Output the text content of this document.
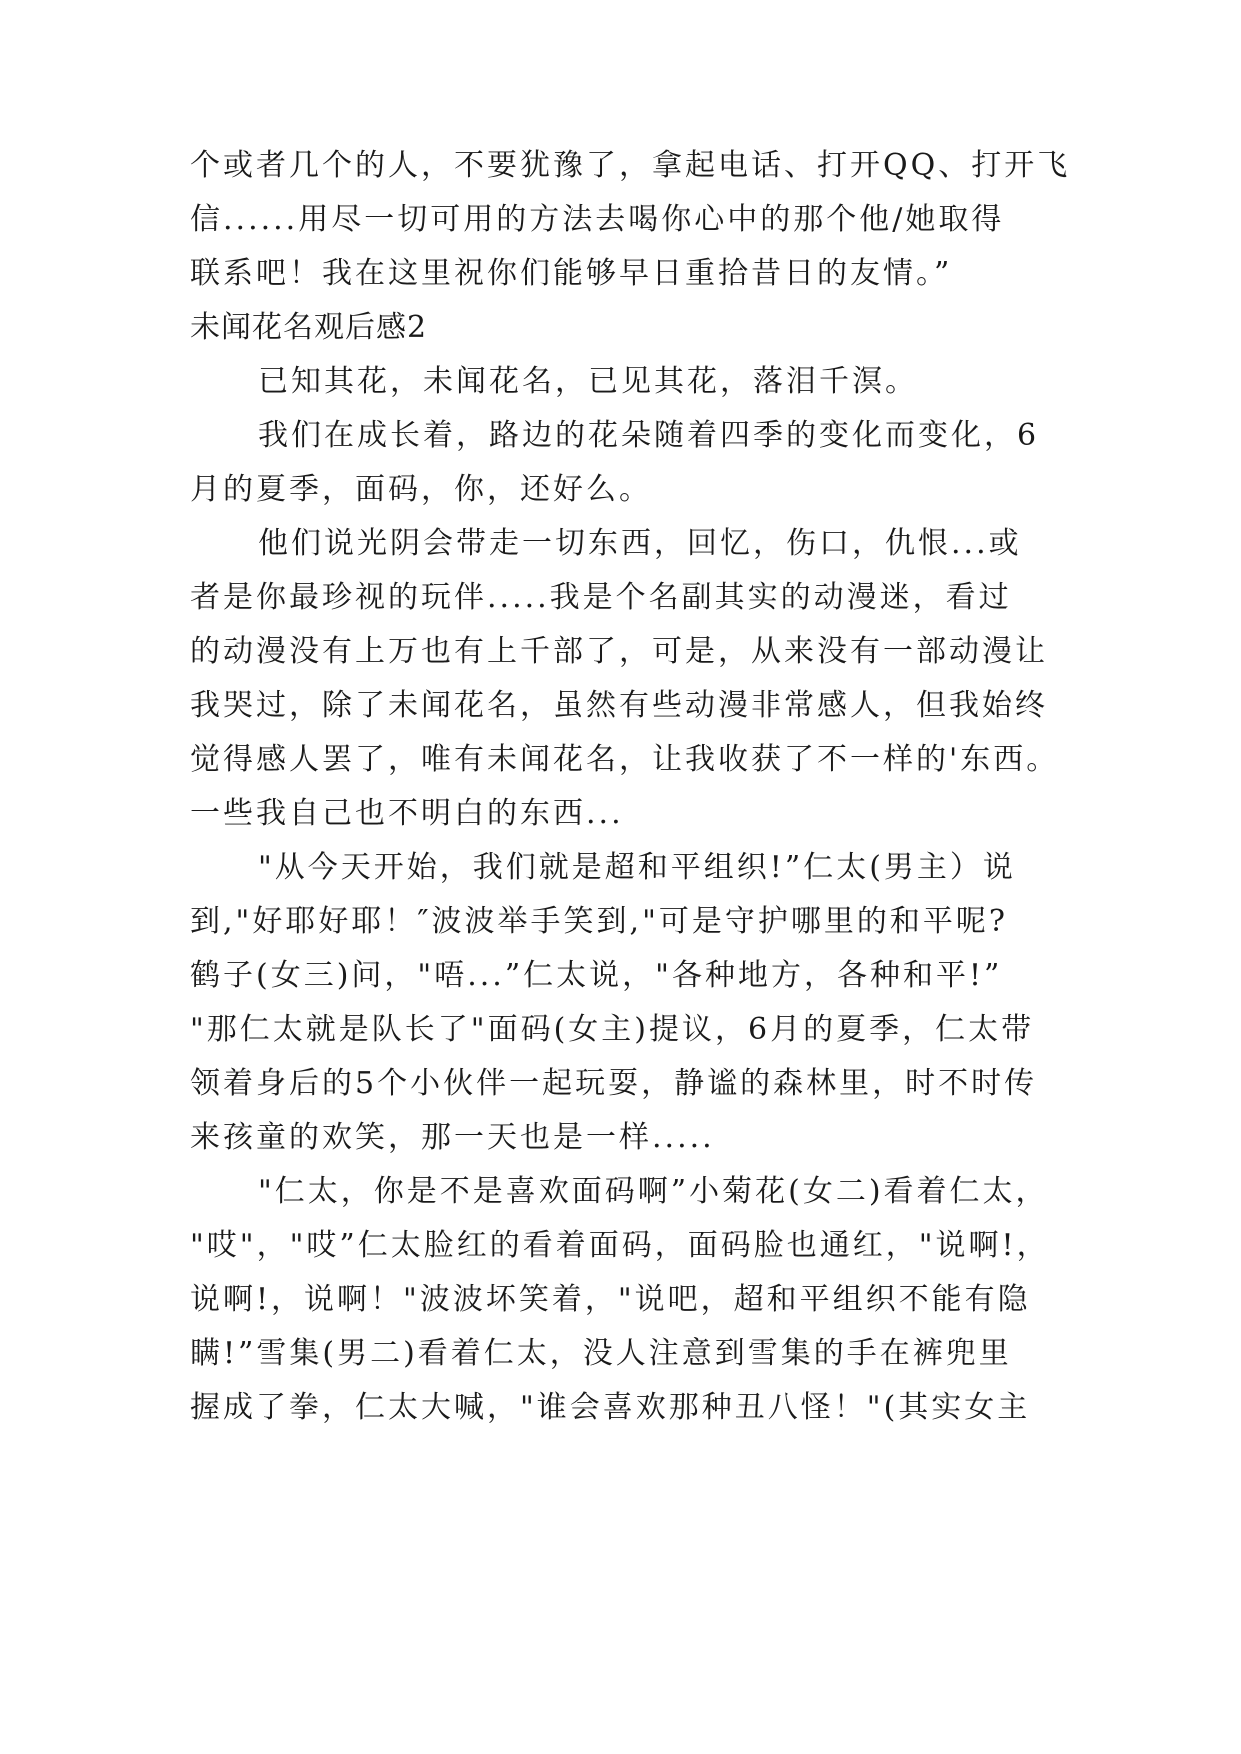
个或者几个的人，不要犹豫了，拿起电话、打开QQ、打开飞
信......用尽一切可用的方法去喝你心中的那个他/她取得
联系吧！我在这里祝你们能够早日重拾昔日的友情。”
未闻花名观后感2
已知其花，未闻花名，已见其花，落泪千溟。
我们在成长着，路边的花朵随着四季的变化而变化，6
月的夏季，面码，你，还好么。
他们说光阴会带走一切东西，回忆，伤口，仇恨...或
者是你最珍视的玩伴.....我是个名副其实的动漫迷，看过
的动漫没有上万也有上千部了，可是，从来没有一部动漫让
我哭过，除了未闻花名，虽然有些动漫非常感人，但我始终
觉得感人罢了，唯有未闻花名，让我收获了不一样的'东西。
一些我自己也不明白的东西...
"从今天开始，我们就是超和平组织!”仁太(男主）说
到,"好耶好耶！″波波举手笑到,"可是守护哪里的和平呢?
鹤子(女三)问，"唔...”仁太说，"各种地方，各种和平!”
"那仁太就是队长了"面码(女主)提议，6月的夏季，仁太带
领着身后的5个小伙伴一起玩耍，静谧的森林里，时不时传
来孩童的欢笑，那一天也是一样.....
"仁太，你是不是喜欢面码啊”小菊花(女二)看着仁太，
"哎"，"哎”仁太脸红的看着面码，面码脸也通红，"说啊!，
说啊!，说啊！"波波坏笑着，"说吧，超和平组织不能有隐
瞒!”雪集(男二)看着仁太，没人注意到雪集的手在裤兜里
握成了拳，仁太大喊，"谁会喜欢那种丑八怪！"(其实女主
